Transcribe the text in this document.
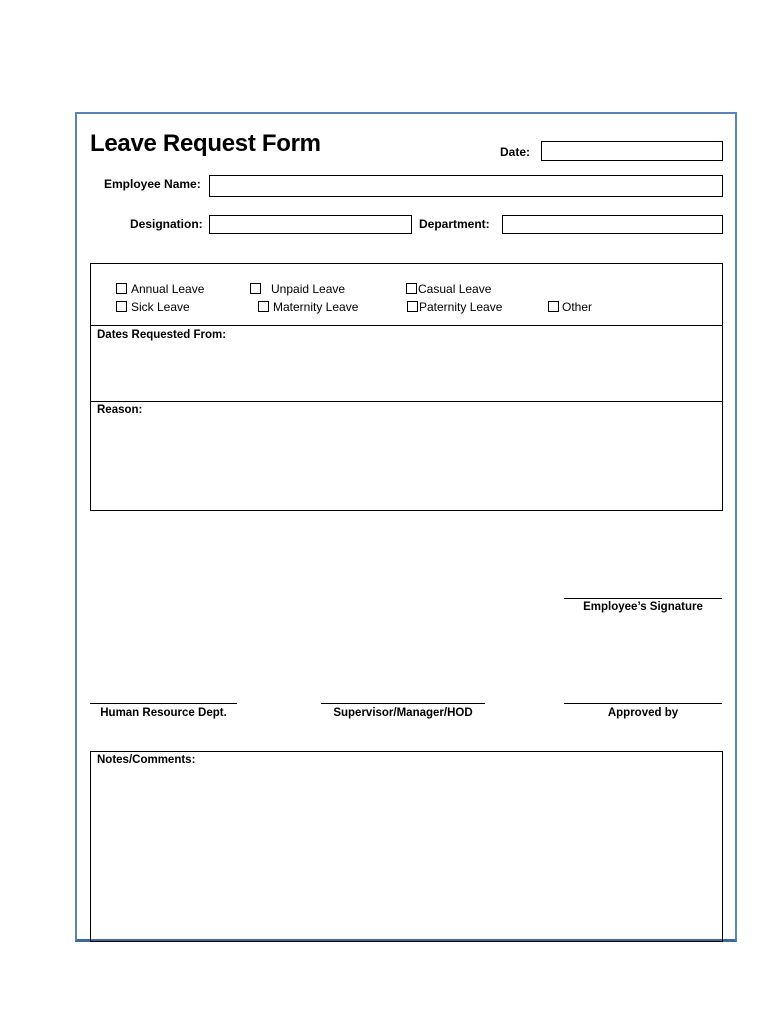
Leave Request Form	Date:
Employee Name:
Designation:	Department:
Annual Leave	Unpaid Leave	Casual Leave
Sick Leave	Maternity Leave	Paternity Leave	Other
Dates Requested From:
Reason:
Employee’s Signature
Human Resource Dept.	Supervisor/Manager/HOD	Approved by
Notes/Comments:
